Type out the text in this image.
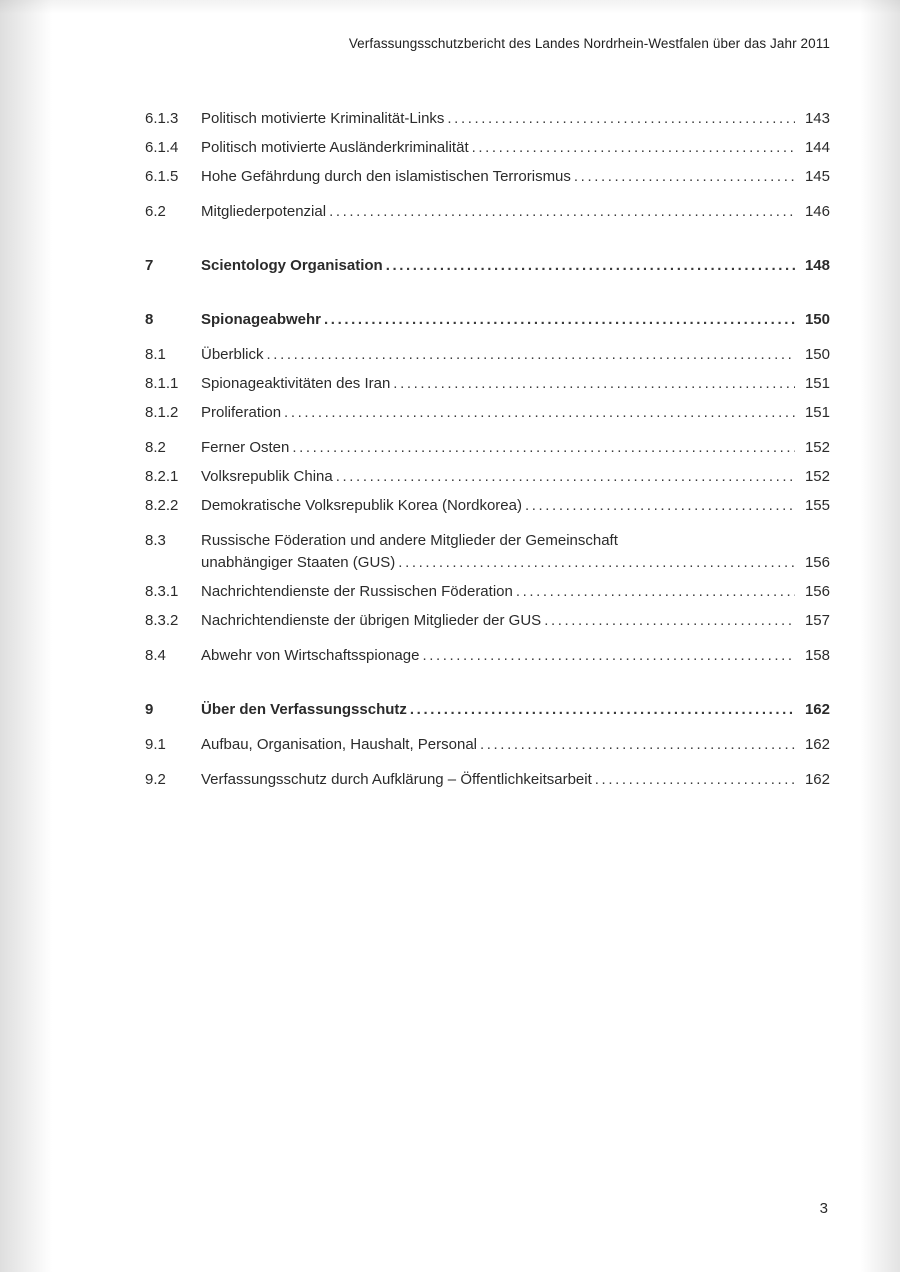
Verfassungsschutzbericht des Landes Nordrhein-Westfalen über das Jahr 2011
6.1.3	Politisch motivierte Kriminalität-Links .....	143
6.1.4	Politisch motivierte Ausländerkriminalität .....	144
6.1.5	Hohe Gefährdung durch den islamistischen Terrorismus .....	145
6.2	Mitgliederpotenzial .....	146
7	Scientology Organisation .....	148
8	Spionageabwehr .....	150
8.1	Überblick .....	150
8.1.1	Spionageaktivitäten des Iran .....	151
8.1.2	Proliferation .....	151
8.2	Ferner Osten .....	152
8.2.1	Volksrepublik China .....	152
8.2.2	Demokratische Volksrepublik Korea (Nordkorea) .....	155
8.3	Russische Föderation und andere Mitglieder der Gemeinschaft
unabhängiger Staaten (GUS) .....	156
8.3.1	Nachrichtendienste der Russischen Föderation .....	156
8.3.2	Nachrichtendienste der übrigen Mitglieder der GUS .....	157
8.4	Abwehr von Wirtschaftsspionage .....	158
9	Über den Verfassungsschutz .....	162
9.1	Aufbau, Organisation, Haushalt, Personal .....	162
9.2	Verfassungsschutz durch Aufklärung – Öffentlichkeitsarbeit .....	162
3
